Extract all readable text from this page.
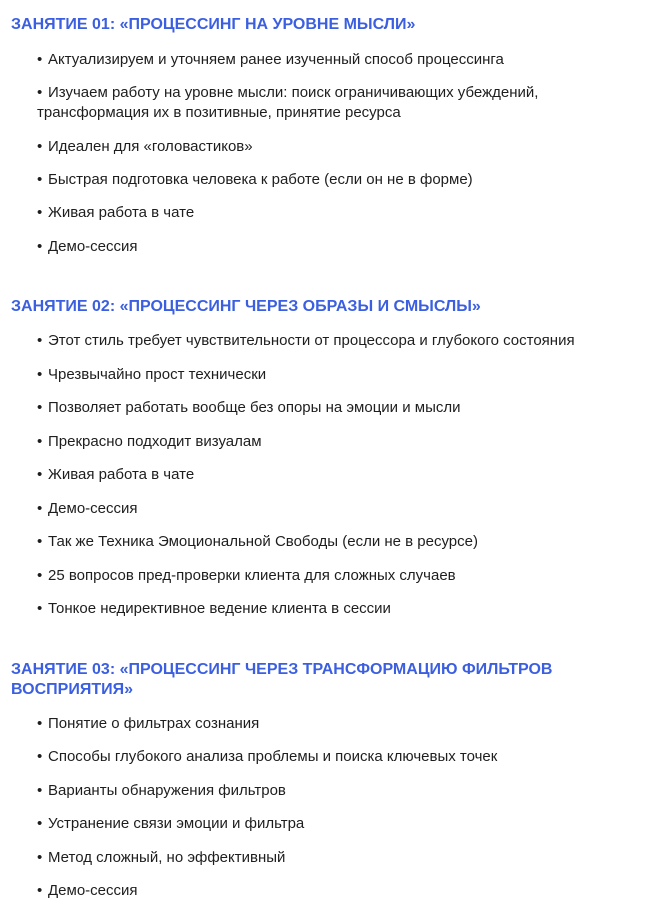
ЗАНЯТИЕ 01: «ПРОЦЕССИНГ НА УРОВНЕ МЫСЛИ»
• Актуализируем и уточняем ранее изученный способ процессинга
• Изучаем работу на уровне мысли: поиск ограничивающих убеждений, трансформация их в позитивные, принятие ресурса
• Идеален для «головастиков»
• Быстрая подготовка человека к работе (если он не в форме)
• Живая работа в чате
• Демо-сессия
ЗАНЯТИЕ 02: «ПРОЦЕССИНГ ЧЕРЕЗ ОБРАЗЫ И СМЫСЛЫ»
• Этот стиль требует чувствительности от процессора и глубокого состояния
• Чрезвычайно прост технически
• Позволяет работать вообще без опоры на эмоции и мысли
• Прекрасно подходит визуалам
• Живая работа в чате
• Демо-сессия
• Так же Техника Эмоциональной Свободы (если не в ресурсе)
• 25 вопросов пред-проверки клиента для сложных случаев
• Тонкое недирективное ведение клиента в сессии
ЗАНЯТИЕ 03: «ПРОЦЕССИНГ ЧЕРЕЗ ТРАНСФОРМАЦИЮ ФИЛЬТРОВ ВОСПРИЯТИЯ»
• Понятие о фильтрах сознания
• Способы глубокого анализа проблемы и поиска ключевых точек
• Варианты обнаружения фильтров
• Устранение связи эмоции и фильтра
• Метод сложный, но эффективный
• Демо-сессия
